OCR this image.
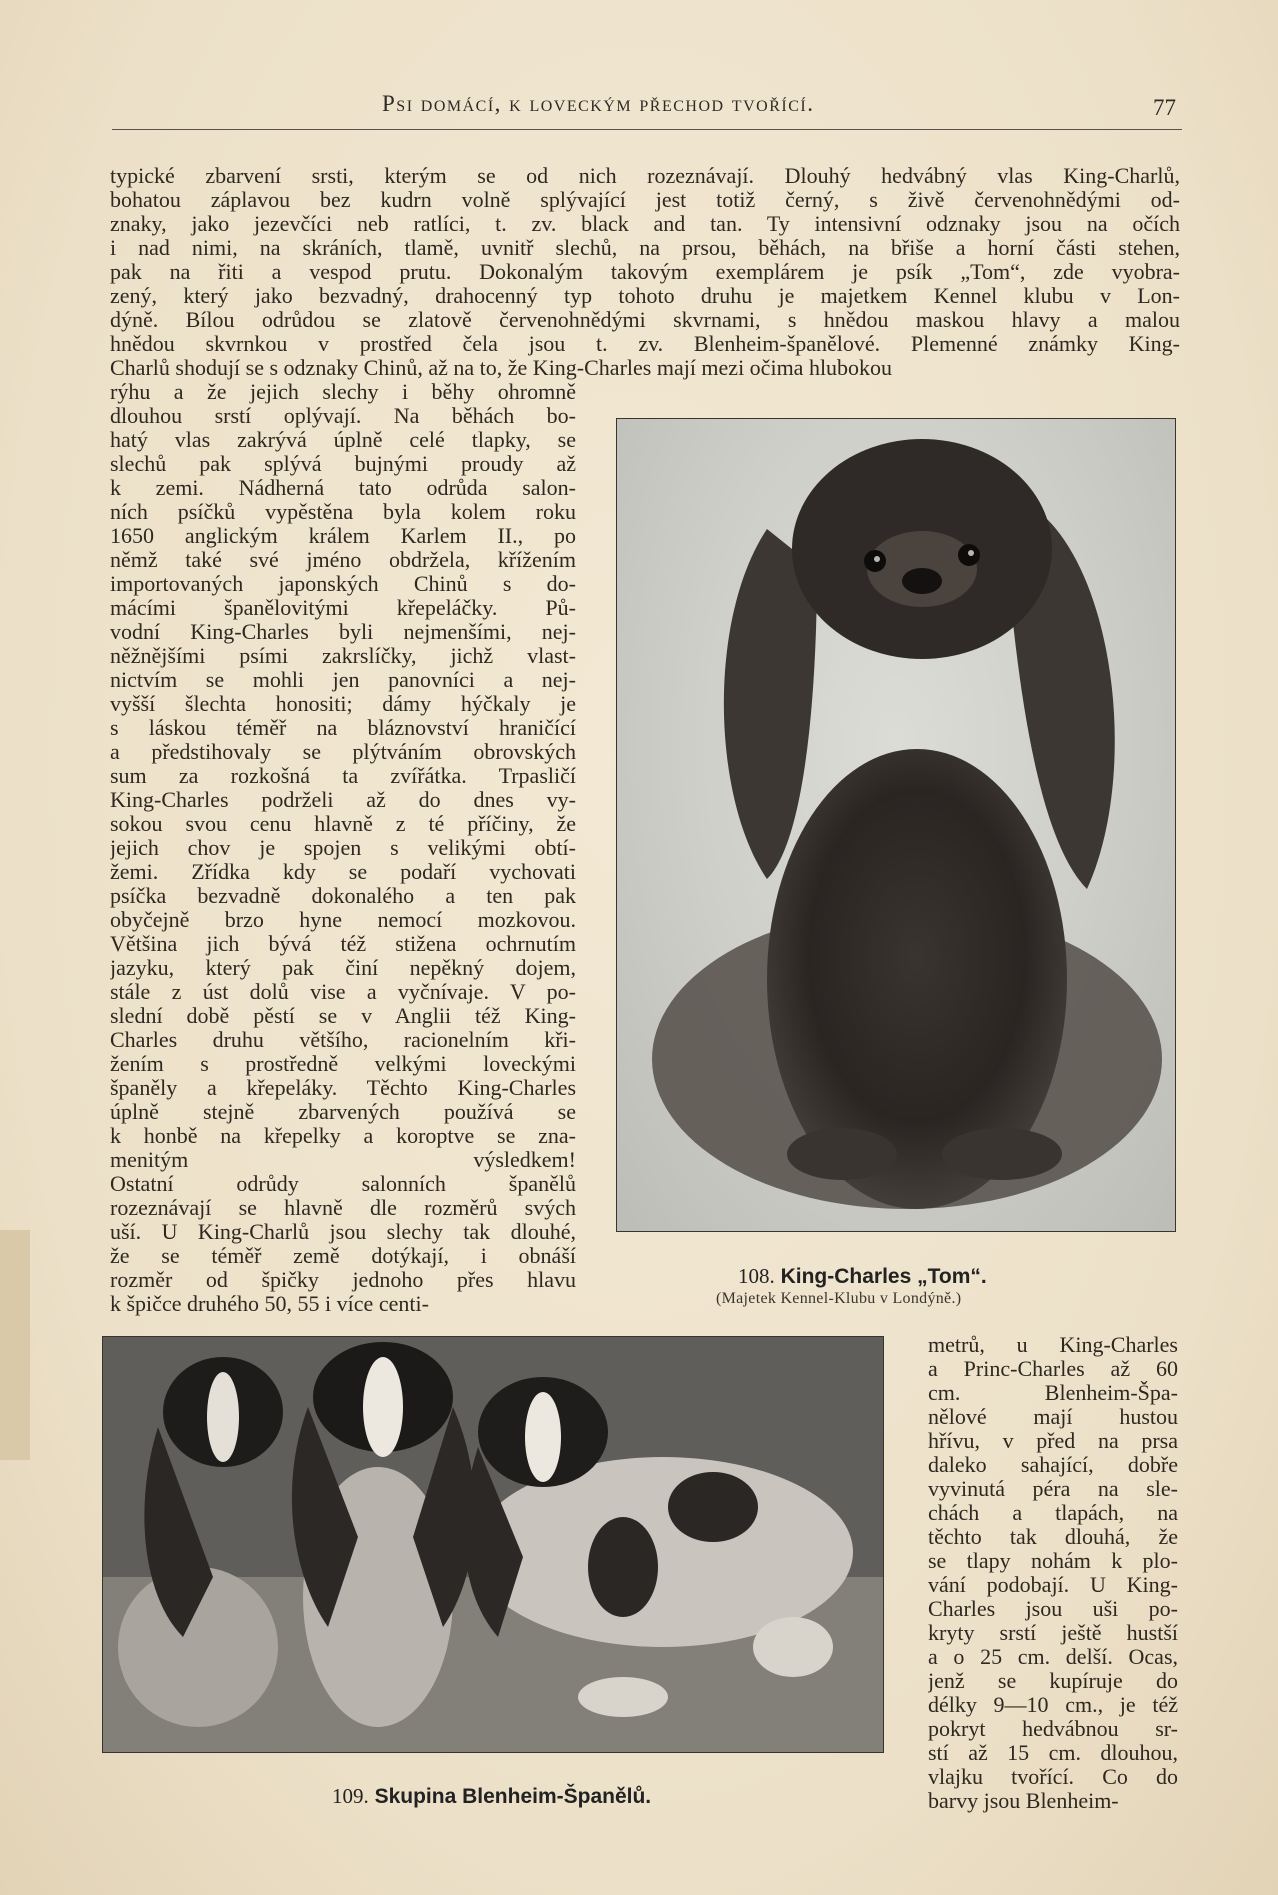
Psi domácí, k loveckým přechod tvořící.	77
typické zbarvení srsti, kterým se od nich rozeznávají. Dlouhý hedvábný vlas King-Charlů,
bohatou záplavou bez kudrn volně splývající jest totiž černý, s živě červenohnědými od-
znaky, jako jezevčíci neb ratlíci, t. zv. black and tan. Ty intensivní odznaky jsou na očích
i nad nimi, na skráních, tlamě, uvnitř slechů, na prsou, běhách, na břiše a horní části stehen,
pak na řiti a vespod prutu. Dokonalým takovým exemplárem je psík „Tom“, zde vyobra-
zený, který jako bezvadný, drahocenný typ tohoto druhu je majetkem Kennel klubu v Lon-
dýně. Bílou odrůdou se zlatově červenohnědými skvrnami, s hnědou maskou hlavy a malou
hnědou skvrnkou v prostřed čela jsou t. zv. Blenheim-španělové. Plemenné známky King-
Charlů shodují se s odznaky Chinů, až na to, že King-Charles mají mezi očima hlubokou
rýhu a že jejich slechy i běhy ohromně
dlouhou srstí oplývají. Na běhách bo-
hatý vlas zakrývá úplně celé tlapky, se
slechů pak splývá bujnými proudy až
k zemi. Nádherná tato odrůda salon-
ních psíčků vypěstěna byla kolem roku
1650 anglickým králem Karlem II., po
němž také své jméno obdržela, křížením
importovaných japonských Chinů s do-
mácími španělovitými křepeláčky. Pů-
vodní King-Charles byli nejmenšími, nej-
něžnějšími psími zakrslíčky, jichž vlast-
nictvím se mohli jen panovníci a nej-
vyšší šlechta honositi; dámy hýčkaly je
s láskou téměř na bláznovství hraničící
a předstihovaly se plýtváním obrovských
sum za rozkošná ta zvířátka. Trpasličí
King-Charles podrželi až do dnes vy-
sokou svou cenu hlavně z té příčiny, že
jejich chov je spojen s velikými obtí-
žemi. Zřídka kdy se podaří vychovati
psíčka bezvadně dokonalého a ten pak
obyčejně brzo hyne nemocí mozkovou.
Většina jich bývá též stižena ochrnutím
jazyku, který pak činí nepěkný dojem,
stále z úst dolů vise a vyčnívaje. V po-
slední době pěstí se v Anglii též King-
Charles druhu většího, racionelním kři-
žením s prostředně velkými loveckými
španěly a křepeláky. Těchto King-Charles
úplně stejně zbarvených používá se
k honbě na křepelky a koroptve se zna-
menitým výsledkem!
Ostatní odrůdy salonních španělů
rozeznávají se hlavně dle rozměrů svých
uší. U King-Charlů jsou slechy tak dlouhé,
že se téměř země dotýkají, i obnáší
rozměr od špičky jednoho přes hlavu
k špičce druhého 50, 55 i více centi-
metrů, u King-Charles
a Princ-Charles až 60
cm. Blenheim-Špa-
nělové mají hustou
hřívu, v před na prsa
daleko sahající, dobře
vyvinutá péra na sle-
chách a tlapách, na
těchto tak dlouhá, že
se tlapy nohám k plo-
vání podobají. U King-
Charles jsou uši po-
kryty srstí ještě hustší
a o 25 cm. delší. Ocas,
jenž se kupíruje do
délky 9—10 cm., je též
pokryt hedvábnou sr-
stí až 15 cm. dlouhou,
vlajku tvořící. Co do
barvy jsou Blenheim-
108. King-Charles „Tom“.
(Majetek Kennel-Klubu v Londýně.)
109. Skupina Blenheim-Španělů.
